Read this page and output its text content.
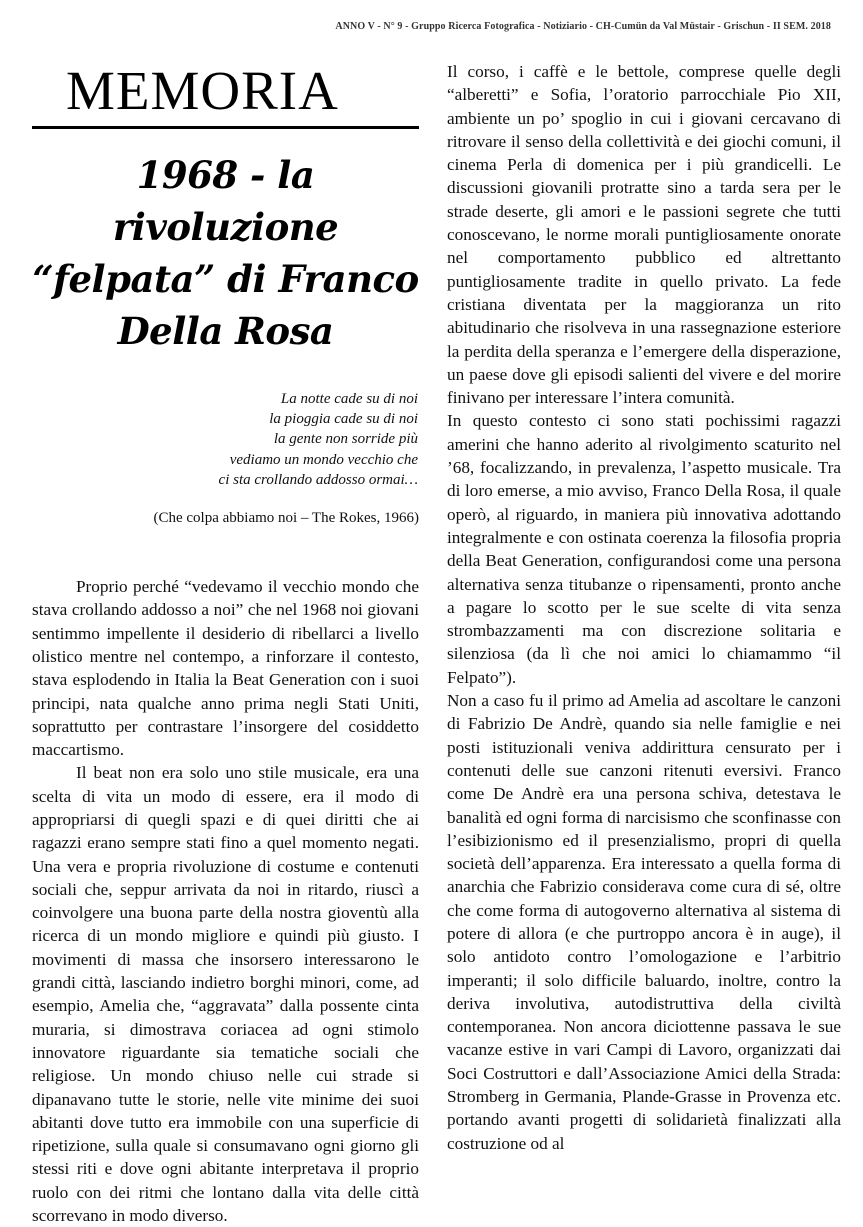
ANNO V - N° 9 - Gruppo Ricerca Fotografica - Notiziario - CH-Cumün da Val Müstair - Grischun - II SEM. 2018
MEMORIA
1968 - la rivoluzione
“felpata” di Franco
Della Rosa
La notte cade su di noi
la pioggia cade su di noi
la gente non sorride più
vediamo un mondo vecchio che
ci sta crollando addosso ormai…
(Che colpa abbiamo noi – The Rokes, 1966)

Proprio perché “vedevamo il vecchio mondo che stava crollando addosso a noi” che nel 1968 noi giovani sentimmo impellente il desiderio di ribellarci a livello olistico mentre nel contempo, a rinforzare il contesto, stava esplodendo in Italia la Beat Generation con i suoi principi, nata qualche anno prima negli Stati Uniti, soprattutto per contrastare l’insorgere del cosiddetto maccartismo.

Il beat non era solo uno stile musicale, era una scelta di vita un modo di essere, era il modo di appropriarsi di quegli spazi e di quei diritti che ai ragazzi erano sempre stati fino a quel momento negati. Una vera e propria rivoluzione di costume e contenuti sociali che, seppur arrivata da noi in ritardo, riuscì a coinvolgere una buona parte della nostra gioventù alla ricerca di un mondo migliore e quindi più giusto. I movimenti di massa che insorsero interessarono le grandi città, lasciando indietro borghi minori, come, ad esempio, Amelia che, “aggravata” dalla possente cinta muraria, si dimostrava coriacea ad ogni stimolo innovatore riguardante sia tematiche sociali che religiose. Un mondo chiuso nelle cui strade si dipanavano tutte le storie, nelle vite minime dei suoi abitanti dove tutto era immobile con una superficie di ripetizione, sulla quale si consumavano ogni giorno gli stessi riti e dove ogni abitante interpretava il proprio ruolo con dei ritmi che lontano dalla vita delle città scorrevano in modo diverso.

Il corso, i caffè e le bettole, comprese quelle degli “alberetti” e Sofia, l’oratorio parrocchiale Pio XII, ambiente un po’ spoglio in cui i giovani cercavano di ritrovare il senso della collettività e dei giochi comuni, il cinema Perla di domenica per i più grandicelli. Le discussioni giovanili protratte sino a tarda sera per le strade deserte, gli amori e le passioni segrete che tutti conoscevano, le norme morali puntigliosamente onorate nel comportamento pubblico ed altrettanto puntigliosamente tradite in quello privato. La fede cristiana diventata per la maggioranza un rito abitudinario che risolveva in una rassegnazione esteriore la perdita della speranza e l’emergere della disperazione, un paese dove gli episodi salienti del vivere e del morire finivano per interessare l’intera comunità.

In questo contesto ci sono stati pochissimi ragazzi amerini che hanno aderito al rivolgimento scaturito nel ’68, focalizzando, in prevalenza, l’aspetto musicale. Tra di loro emerse, a mio avviso, Franco Della Rosa, il quale operò, al riguardo, in maniera più innovativa adottando integralmente e con ostinata coerenza la filosofia propria della Beat Generation, configurandosi come una persona alternativa senza titubanze o ripensamenti, pronto anche a pagare lo scotto per le sue scelte di vita senza strombazzamenti ma con discrezione solitaria e silenziosa (da lì che noi amici lo chiamammo “il Felpato”).

Non a caso fu il primo ad Amelia ad ascoltare le canzoni di Fabrizio De Andrè, quando sia nelle famiglie e nei posti istituzionali veniva addirittura censurato per i contenuti delle sue canzoni ritenuti eversivi. Franco come De Andrè era una persona schiva, detestava le banalità ed ogni forma di narcisismo che sconfinasse con l’esibizionismo ed il presenzialismo, propri di quella società dell’apparenza. Era interessato a quella forma di anarchia che Fabrizio considerava come cura di sé, oltre che come forma di autogoverno alternativa al sistema di potere di allora (e che purtroppo ancora è in auge), il solo antidoto contro l’omologazione e l’arbitrio imperanti; il solo difficile baluardo, inoltre, contro la deriva involutiva, autodistruttiva della civiltà contemporanea. Non ancora diciottenne passava le sue vacanze estive in vari Campi di Lavoro, organizzati dai Soci Costruttori e dall’Associazione Amici della Strada: Stromberg in Germania, Plande-Grasse in Provenza etc. portando avanti progetti di solidarietà finalizzati alla costruzione od al
